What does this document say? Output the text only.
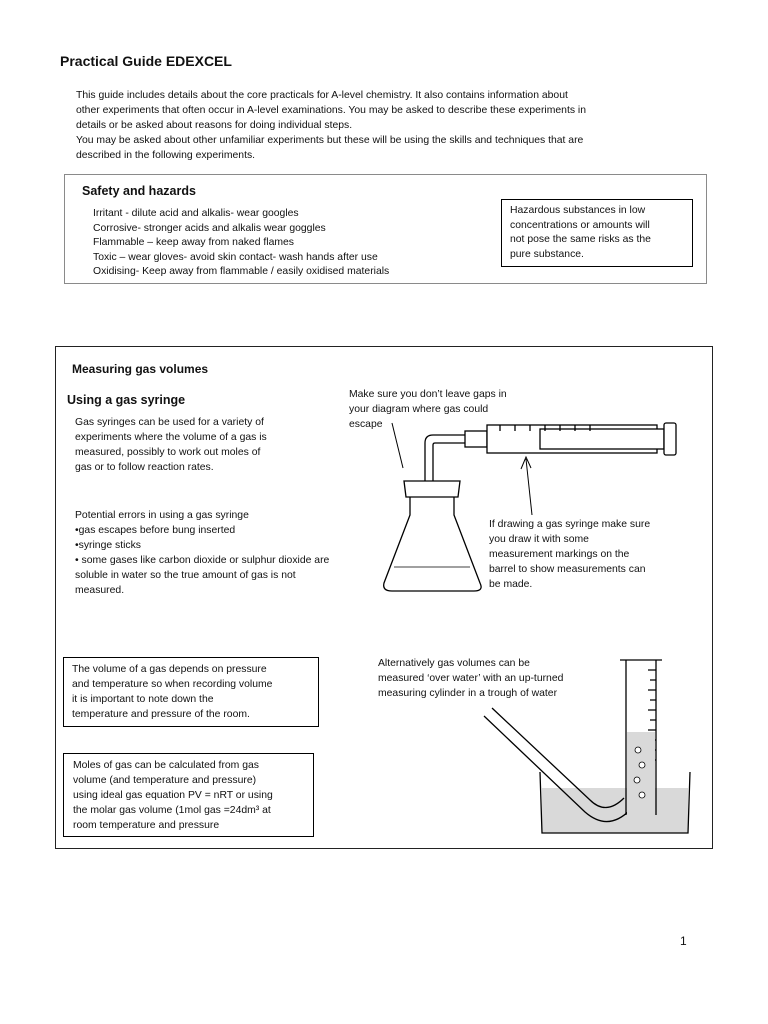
Practical Guide EDEXCEL
This guide includes details about the core practicals for A-level chemistry. It also contains information about
other experiments that often occur in A-level examinations. You may be asked to describe these experiments in
details or be asked about reasons for doing individual steps.
You may be asked about other unfamiliar experiments but these will be using the skills and techniques that are
described in the following experiments.
Safety and hazards
Irritant - dilute acid and alkalis- wear googles
Corrosive- stronger acids and alkalis wear goggles
Flammable – keep away from naked flames
Toxic – wear gloves- avoid skin contact- wash hands after use
Oxidising- Keep away from flammable / easily oxidised materials
Hazardous substances in low
concentrations or amounts will
not pose the same risks as the
pure substance.
Measuring gas volumes
Using a gas syringe
Gas syringes can be used for a variety of
experiments where the volume of a gas is
measured, possibly to work out moles of
gas or to follow reaction rates.
Potential errors in using a gas syringe
•gas escapes before bung inserted
•syringe sticks
• some gases like carbon dioxide or sulphur dioxide are
soluble in water so the true amount of gas is not
measured.
Make sure you don’t leave gaps in
your diagram where gas could
escape
If drawing a gas syringe make sure
you draw it with some
measurement markings on the
barrel to show measurements can
be made.
The volume of a gas depends on pressure
and temperature so when recording volume
it is important to note down the
temperature and pressure of the room.
Moles of gas can be calculated from gas
volume (and temperature and pressure)
using ideal gas equation PV = nRT or using
the molar gas volume (1mol gas =24dm³ at
room temperature and pressure
Alternatively gas volumes can be
measured ‘over water’ with an up-turned
measuring cylinder in a trough of water
1
